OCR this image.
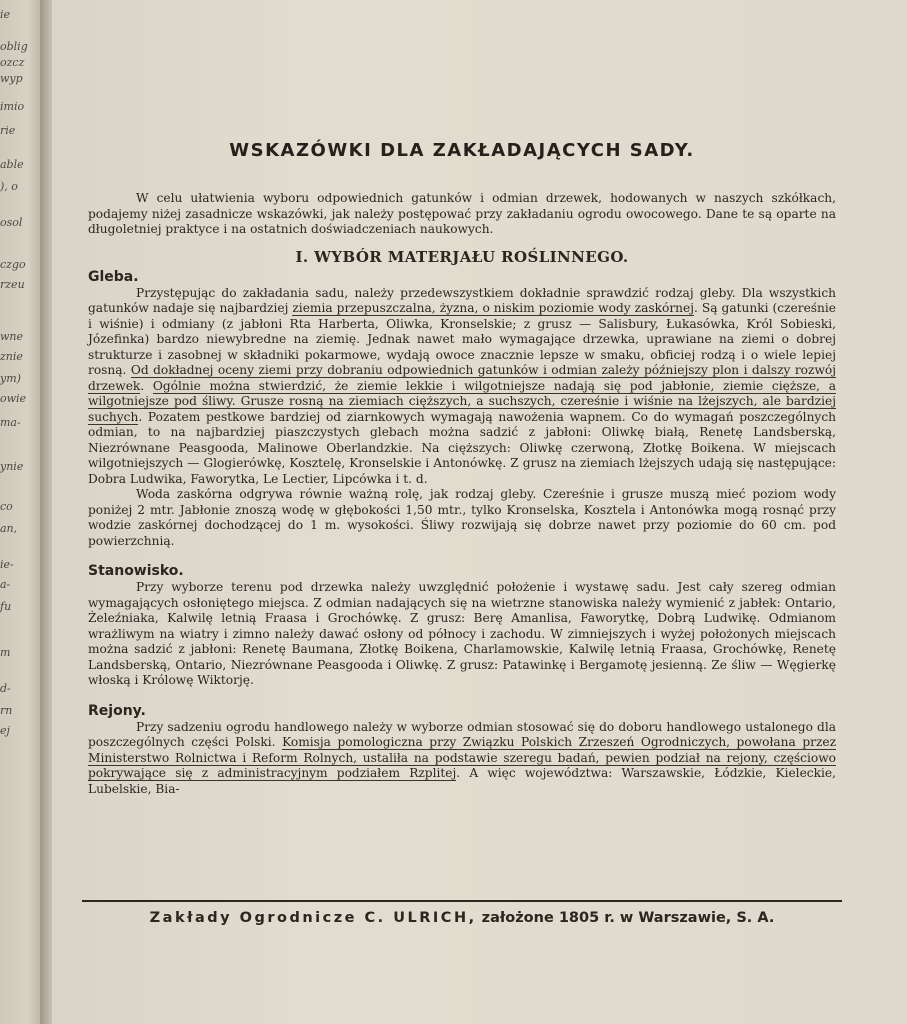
ie
oblig
ozcz
wyp
imio
rie
able
), o
osol
czgo
rzeu
wne
znie
ym)
owie
ma-
ynie
co
an,
ie-
a-
fu
m
d-
rn
ej
WSKAZÓWKI DLA ZAKŁADAJĄCYCH SADY.

W celu ułatwienia wyboru odpowiednich gatunków i odmian drzewek, hodowanych w naszych szkółkach, podajemy niżej zasadnicze wskazówki, jak należy postępować przy zakładaniu ogrodu owocowego. Dane te są oparte na długoletniej praktyce i na ostatnich doświadczeniach naukowych.

I. WYBÓR MATERJAŁU ROŚLINNEGO.
Gleba.

Przystępując do zakładania sadu, należy przedewszystkiem dokładnie sprawdzić rodzaj gleby. Dla wszystkich gatunków nadaje się najbardziej ziemia przepuszczalna, żyzna, o niskim poziomie wody zaskórnej. Są gatunki (czereśnie i wiśnie) i odmiany (z jabłoni Rta Harberta, Oliwka, Kronselskie; z grusz — Salisbury, Łukasówka, Król Sobieski, Józefinka) bardzo niewybredne na ziemię. Jednak nawet mało wymagające drzewka, uprawiane na ziemi o dobrej strukturze i zasobnej w składniki pokarmowe, wydają owoce znacznie lepsze w smaku, obficiej rodzą i o wiele lepiej rosną. Od dokładnej oceny ziemi przy dobraniu odpowiednich gatunków i odmian zależy późniejszy plon i dalszy rozwój drzewek. Ogólnie można stwierdzić, że ziemie lekkie i wilgotniejsze nadają się pod jabłonie, ziemie cięższe, a wilgotniejsze pod śliwy. Grusze rosną na ziemiach cięższych, a suchszych, czereśnie i wiśnie na lżejszych, ale bardziej suchych. Pozatem pestkowe bardziej od ziarnkowych wymagają nawożenia wapnem. Co do wymagań poszczególnych odmian, to na najbardziej piaszczystych glebach można sadzić z jabłoni: Oliwkę białą, Renetę Landsberską, Niezrównane Peasgooda, Malinowe Oberlandzkie. Na cięższych: Oliwkę czerwoną, Złotkę Boikena. W miejscach wilgotniejszych — Glogierówkę, Kosztelę, Kronselskie i Antonówkę. Z grusz na ziemiach lżejszych udają się następujące: Dobra Ludwika, Faworytka, Le Lectier, Lipcówka i t. d.

Woda zaskórna odgrywa równie ważną rolę, jak rodzaj gleby. Czereśnie i grusze muszą mieć poziom wody poniżej 2 mtr. Jabłonie znoszą wodę w głębokości 1,50 mtr., tylko Kronselska, Kosztela i Antonówka mogą rosnąć przy wodzie zaskórnej dochodzącej do 1 m. wysokości. Śliwy rozwijają się dobrze nawet przy poziomie do 60 cm. pod powierzchnią.

Stanowisko.

Przy wyborze terenu pod drzewka należy uwzględnić położenie i wystawę sadu. Jest cały szereg odmian wymagających osłoniętego miejsca. Z odmian nadających się na wietrzne stanowiska należy wymienić z jabłek: Ontario, Żeleźniaka, Kalwilę letnią Fraasa i Grochówkę. Z grusz: Berę Amanlisa, Faworytkę, Dobrą Ludwikę. Odmianom wrażliwym na wiatry i zimno należy dawać osłony od północy i zachodu. W zimniejszych i wyżej położonych miejscach można sadzić z jabłoni: Renetę Baumana, Złotkę Boikena, Charlamowskie, Kalwilę letnią Fraasa, Grochówkę, Renetę Landsberską, Ontario, Niezrównane Peasgooda i Oliwkę. Z grusz: Patawinkę i Bergamotę jesienną. Ze śliw — Węgierkę włoską i Królowę Wiktorję.

Rejony.

Przy sadzeniu ogrodu handlowego należy w wyborze odmian stosować się do doboru handlowego ustalonego dla poszczególnych części Polski. Komisja pomologiczna przy Związku Polskich Zrzeszeń Ogrodniczych, powołana przez Ministerstwo Rolnictwa i Reform Rolnych, ustaliła na podstawie szeregu badań, pewien podział na rejony, częściowo pokrywające się z administracyjnym podziałem Rzplitej. A więc województwa: Warszawskie, Łódzkie, Kieleckie, Lubelskie, Bia-

Zakłady Ogrodnicze C. ULRICH, założone 1805 r. w Warszawie, S. A.
